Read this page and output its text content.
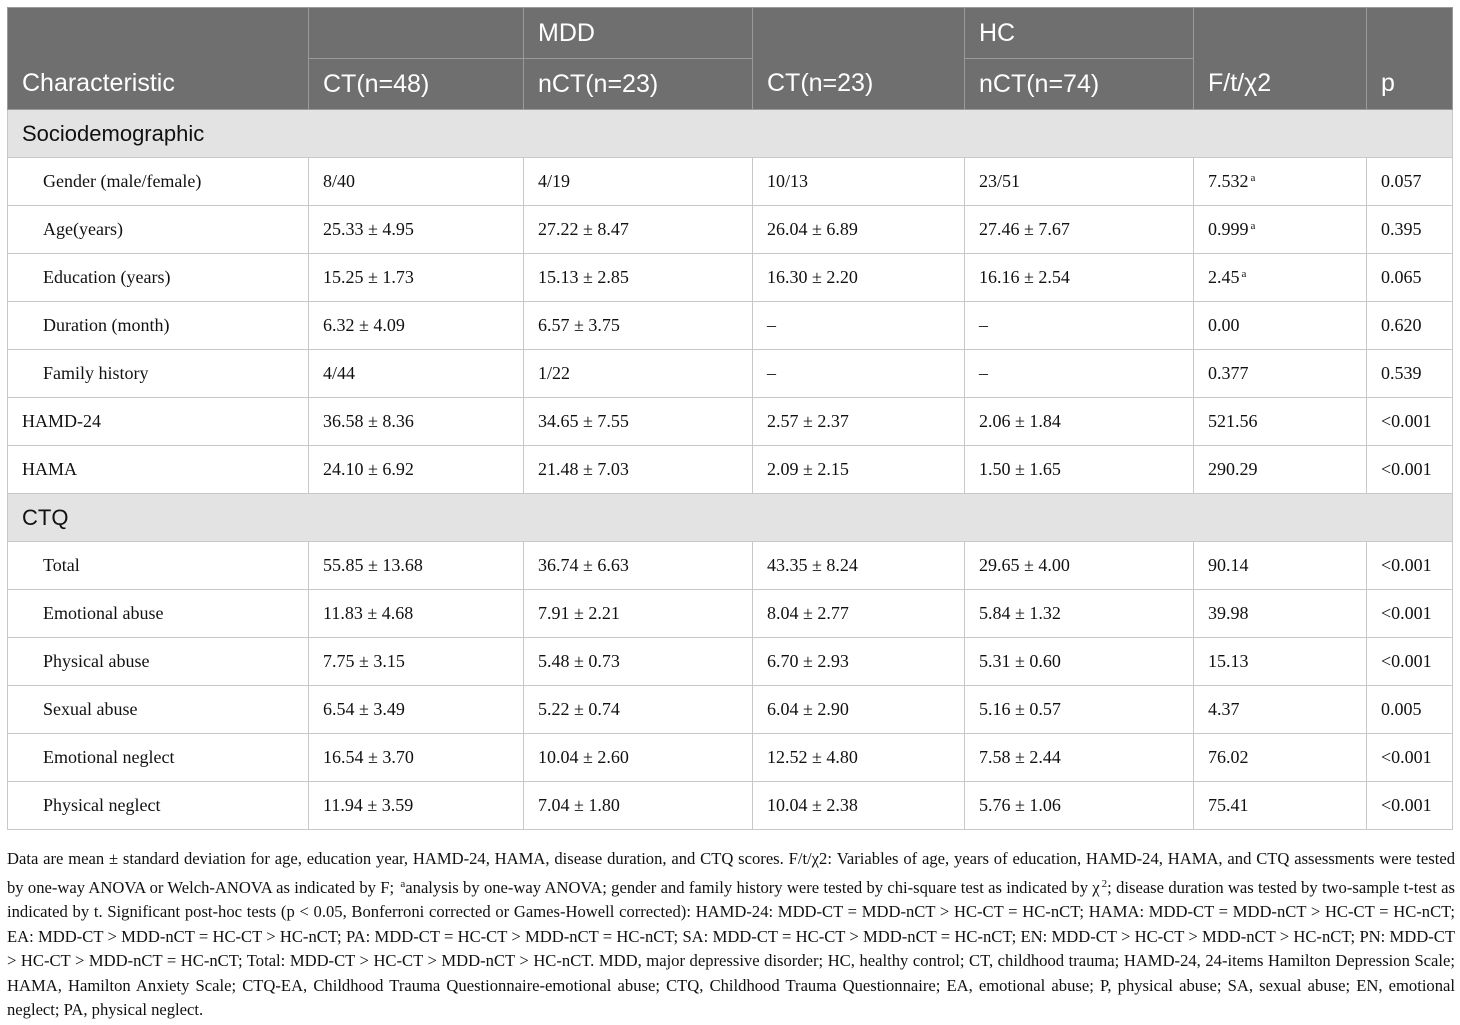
		MDD		HC		
Characteristic	CT(n=48)	nCT(n=23)	CT(n=23)	nCT(n=74)	F/t/χ2	p
Sociodemographic						
Gender (male/female)	8/40	4/19	10/13	23/51	7.532 $^a$	0.057
Age(years)	25.33 ± 4.95	27.22 ± 8.47	26.04 ± 6.89	27.46 ± 7.67	0.999 $^a$	0.395
Education (years)	15.25 ± 1.73	15.13 ± 2.85	16.30 ± 2.20	16.16 ± 2.54	2.45 $^a$	0.065
Duration (month)	6.32 ± 4.09	6.57 ± 3.75	–	–	0.00	0.620
Family history	4/44	1/22	–	–	0.377	0.539
HAMD-24	36.58 ± 8.36	34.65 ± 7.55	2.57 ± 2.37	2.06 ± 1.84	521.56	<0.001
HAMA	24.10 ± 6.92	21.48 ± 7.03	2.09 ± 2.15	1.50 ± 1.65	290.29	<0.001
CTQ						
Total	55.85 ± 13.68	36.74 ± 6.63	43.35 ± 8.24	29.65 ± 4.00	90.14	<0.001
Emotional abuse	11.83 ± 4.68	7.91 ± 2.21	8.04 ± 2.77	5.84 ± 1.32	39.98	<0.001
Physical abuse	7.75 ± 3.15	5.48 ± 0.73	6.70 ± 2.93	5.31 ± 0.60	15.13	<0.001
Sexual abuse	6.54 ± 3.49	5.22 ± 0.74	6.04 ± 2.90	5.16 ± 0.57	4.37	0.005
Emotional neglect	16.54 ± 3.70	10.04 ± 2.60	12.52 ± 4.80	7.58 ± 2.44	76.02	<0.001
Physical neglect	11.94 ± 3.59	7.04 ± 1.80	10.04 ± 2.38	5.76 ± 1.06	75.41	<0.001

Data are mean ± standard deviation for age, education year, HAMD-24, HAMA, disease duration, and CTQ scores. F/t/χ2: Variables of age, years of education, HAMD-24, HAMA, and CTQ assessments were tested by one-way ANOVA or Welch-ANOVA as indicated by F; $^a$analysis by one-way ANOVA; gender and family history were tested by chi-square test as indicated by χ $^2$; disease duration was tested by two-sample t-test as indicated by t. Significant post-hoc tests (p < 0.05, Bonferroni corrected or Games-Howell corrected): HAMD-24: MDD-CT = MDD-nCT > HC-CT = HC-nCT; HAMA: MDD-CT = MDD-nCT > HC-CT = HC-nCT; EA: MDD-CT > MDD-nCT = HC-CT > HC-nCT; PA: MDD-CT = HC-CT > MDD-nCT = HC-nCT; SA: MDD-CT = HC-CT > MDD-nCT = HC-nCT; EN: MDD-CT > HC-CT > MDD-nCT > HC-nCT; PN: MDD-CT > HC-CT > MDD-nCT = HC-nCT; Total: MDD-CT > HC-CT > MDD-nCT > HC-nCT. MDD, major depressive disorder; HC, healthy control; CT, childhood trauma; HAMD-24, 24-items Hamilton Depression Scale; HAMA, Hamilton Anxiety Scale; CTQ-EA, Childhood Trauma Questionnaire-emotional abuse; CTQ, Childhood Trauma Questionnaire; EA, emotional abuse; P, physical abuse; SA, sexual abuse; EN, emotional neglect; PA, physical neglect.
